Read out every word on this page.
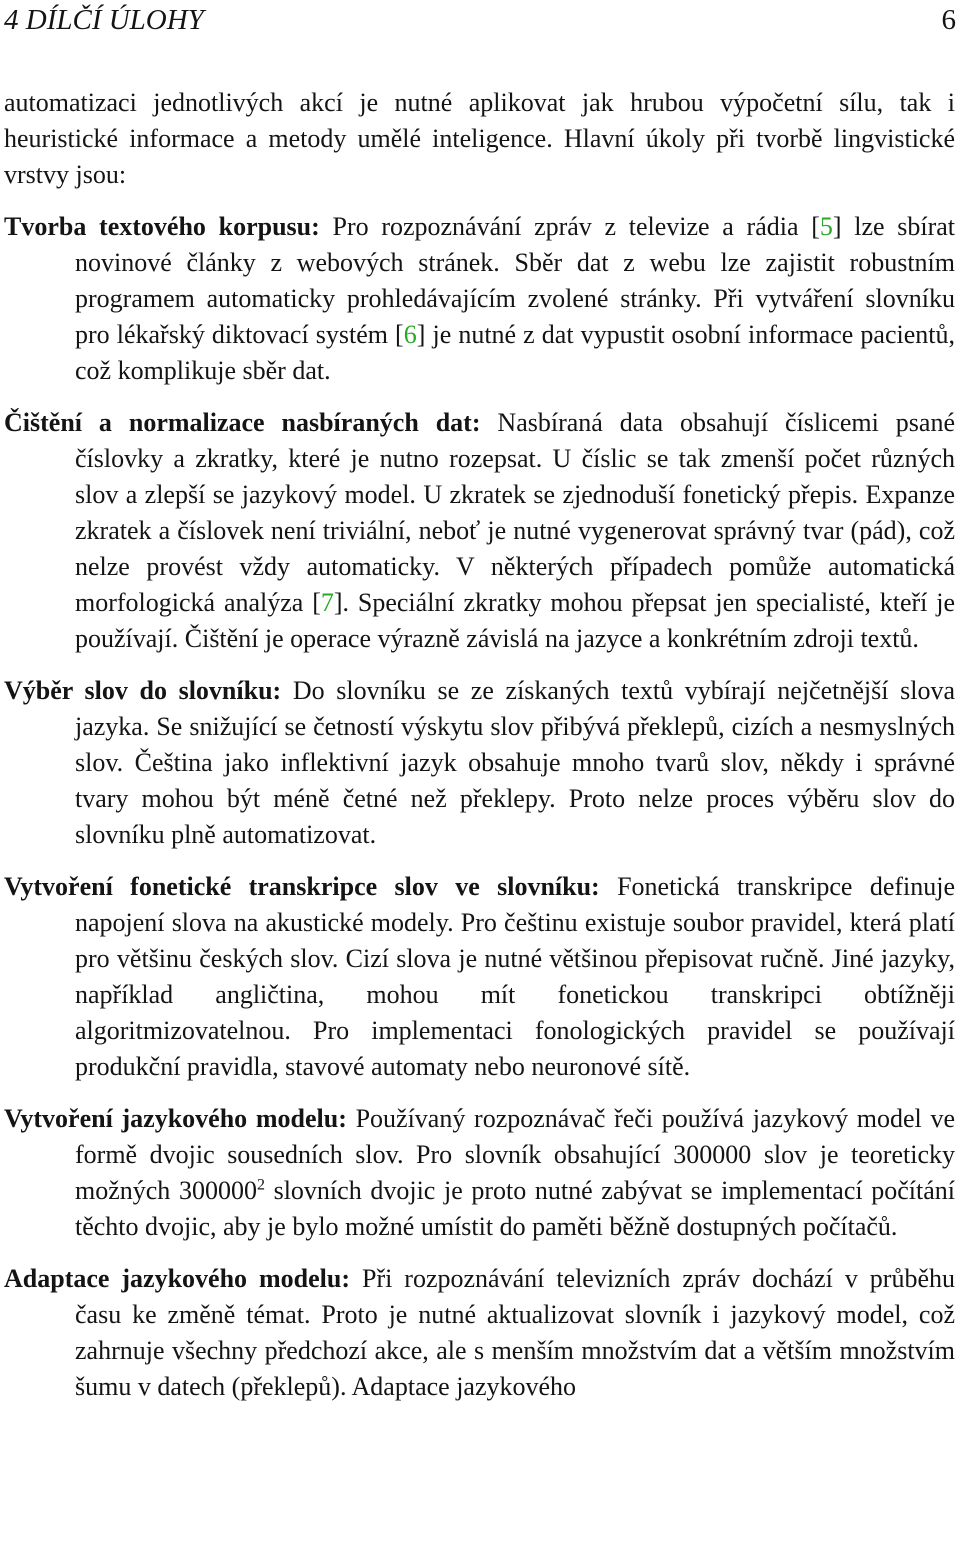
4 DÍLČÍ ÚLOHY	6

automatizaci jednotlivých akcí je nutné aplikovat jak hrubou výpočetní sílu, tak i heuristické informace a metody umělé inteligence. Hlavní úkoly při tvorbě lingvistické vrstvy jsou:

Tvorba textového korpusu: Pro rozpoznávání zpráv z televize a rádia [5] lze sbírat novinové články z webových stránek. Sběr dat z webu lze zajistit robustním programem automaticky prohledávajícím zvolené stránky. Při vytváření slovníku pro lékařský diktovací systém [6] je nutné z dat vypustit osobní informace pacientů, což komplikuje sběr dat.

Čištění a normalizace nasbíraných dat: Nasbíraná data obsahují číslicemi psané číslovky a zkratky, které je nutno rozepsat. U číslic se tak zmenší počet různých slov a zlepší se jazykový model. U zkratek se zjednoduší fonetický přepis. Expanze zkratek a číslovek není triviální, neboť je nutné vygenerovat správný tvar (pád), což nelze provést vždy automaticky. V některých případech pomůže automatická morfologická analýza [7]. Speciální zkratky mohou přepsat jen specialisté, kteří je používají. Čištění je operace výrazně závislá na jazyce a konkrétním zdroji textů.

Výběr slov do slovníku: Do slovníku se ze získaných textů vybírají nejčetnější slova jazyka. Se snižující se četností výskytu slov přibývá překlepů, cizích a nesmyslných slov. Čeština jako inflektivní jazyk obsahuje mnoho tvarů slov, někdy i správné tvary mohou být méně četné než překlepy. Proto nelze proces výběru slov do slovníku plně automatizovat.

Vytvoření fonetické transkripce slov ve slovníku: Fonetická transkripce definuje napojení slova na akustické modely. Pro češtinu existuje soubor pravidel, která platí pro většinu českých slov. Cizí slova je nutné většinou přepisovat ručně. Jiné jazyky, například angličtina, mohou mít fonetickou transkripci obtížněji algoritmizovatelnou. Pro implementaci fonologických pravidel se používají produkční pravidla, stavové automaty nebo neuronové sítě.

Vytvoření jazykového modelu: Používaný rozpoznávač řeči používá jazykový model ve formě dvojic sousedních slov. Pro slovník obsahující 300000 slov je teoreticky možných 300000$^2$ slovních dvojic je proto nutné zabývat se implementací počítání těchto dvojic, aby je bylo možné umístit do paměti běžně dostupných počítačů.

Adaptace jazykového modelu: Při rozpoznávání televizních zpráv dochází v průběhu času ke změně témat. Proto je nutné aktualizovat slovník i jazykový model, což zahrnuje všechny předchozí akce, ale s menším množstvím dat a větším množstvím šumu v datech (překlepů). Adaptace jazykového
